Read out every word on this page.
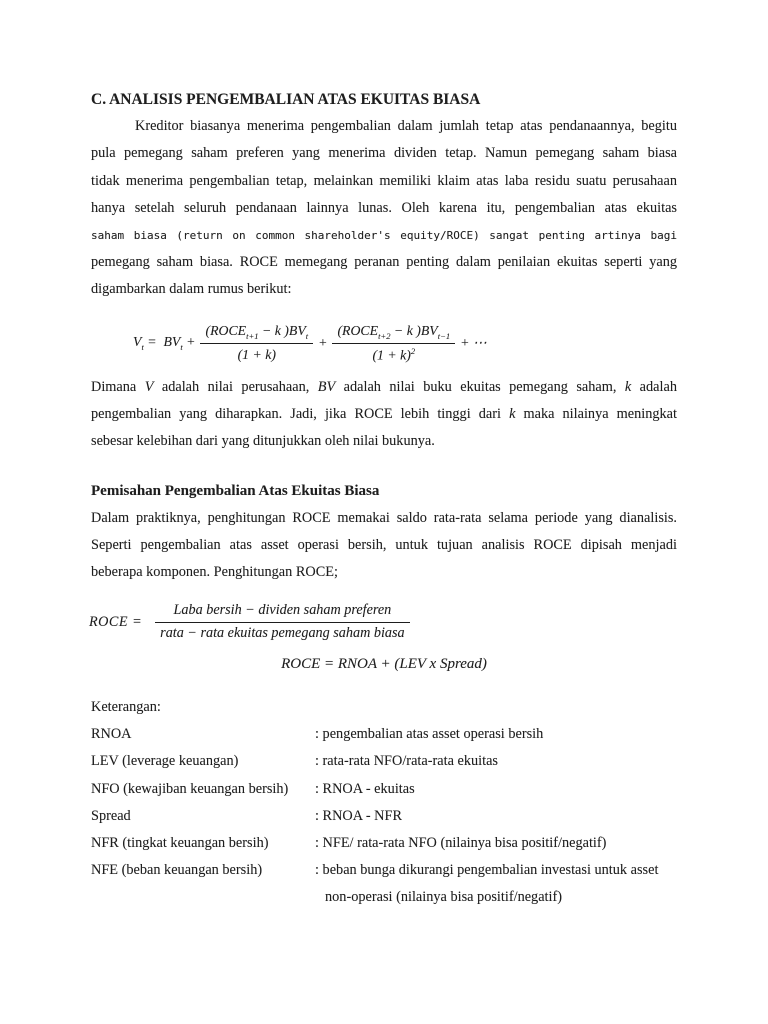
C. ANALISIS PENGEMBALIAN ATAS EKUITAS BIASA
Kreditor biasanya menerima pengembalian dalam jumlah tetap atas pendanaannya, begitu
pula pemegang saham preferen yang menerima dividen tetap. Namun pemegang saham biasa
tidak menerima pengembalian tetap, melainkan memiliki klaim atas laba residu suatu perusahaan
hanya setelah seluruh pendanaan lainnya lunas. Oleh karena itu, pengembalian atas ekuitas
saham biasa (return on common shareholder's equity/ROCE) sangat penting artinya bagi
pemegang saham biasa. ROCE memegang peranan penting dalam penilaian ekuitas seperti yang
digambarkan dalam rumus berikut:
$V_t = BV_t + \frac{(ROCE_{t+1} - k )BV_t}{(1 + k)} + \frac{(ROCE_{t+2} - k )BV_{t-1}}{(1 + k)^2}$ + ⋯
Dimana V adalah nilai perusahaan, BV adalah nilai buku ekuitas pemegang saham, k adalah
pengembalian yang diharapkan. Jadi, jika ROCE lebih tinggi dari k maka nilainya meningkat
sebesar kelebihan dari yang ditunjukkan oleh nilai bukunya.
Pemisahan Pengembalian Atas Ekuitas Biasa
Dalam praktiknya, penghitungan ROCE memakai saldo rata-rata selama periode yang dianalisis.
Seperti pengembalian atas asset operasi bersih, untuk tujuan analisis ROCE dipisah menjadi
beberapa komponen. Penghitungan ROCE;
ROCE = $\frac{\text{Laba bersih − dividen saham preferen}}{\text{rata − rata ekuitas pemegang saham biasa}}$
ROCE = RNOA + (LEV x Spread)
Keterangan:
RNOA	: pengembalian atas asset operasi bersih
LEV (leverage keuangan)	: rata-rata NFO/rata-rata ekuitas
NFO (kewajiban keuangan bersih)	: RNOA - ekuitas
Spread	: RNOA - NFR
NFR (tingkat keuangan bersih)	: NFE/ rata-rata NFO (nilainya bisa positif/negatif)
NFE (beban keuangan bersih)	: beban bunga dikurangi pengembalian investasi untuk asset non-operasi (nilainya bisa positif/negatif)
